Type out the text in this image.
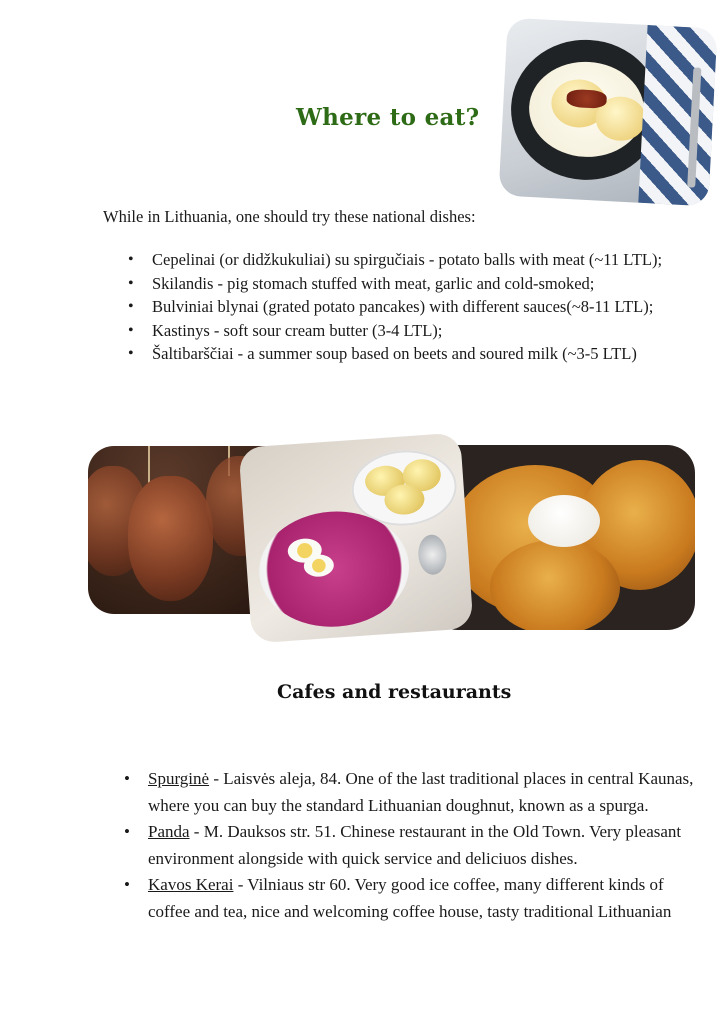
Where to eat?
While in Lithuania, one should try these national dishes:
• Cepelinai (or didžkukuliai) su spirgučiais - potato balls with meat (~11 LTL);
• Skilandis - pig stomach stuffed with meat, garlic and cold-smoked;
• Bulviniai blynai (grated potato pancakes) with different sauces(~8-11 LTL);
• Kastinys - soft sour cream butter (3-4 LTL);
• Šaltibarščiai - a summer soup based on beets and soured milk (~3-5 LTL)
Cafes and restaurants
• Spurginė - Laisvės aleja, 84. One of the last traditional places in central Kaunas, where you can buy the standard Lithuanian doughnut, known as a spurga.
• Panda - M. Dauksos str. 51. Chinese restaurant in the Old Town. Very pleasant environment alongside with quick service and deliciuos dishes.
• Kavos Kerai - Vilniaus str 60. Very good ice coffee, many different kinds of coffee and tea, nice and welcoming coffee house, tasty traditional Lithuanian
